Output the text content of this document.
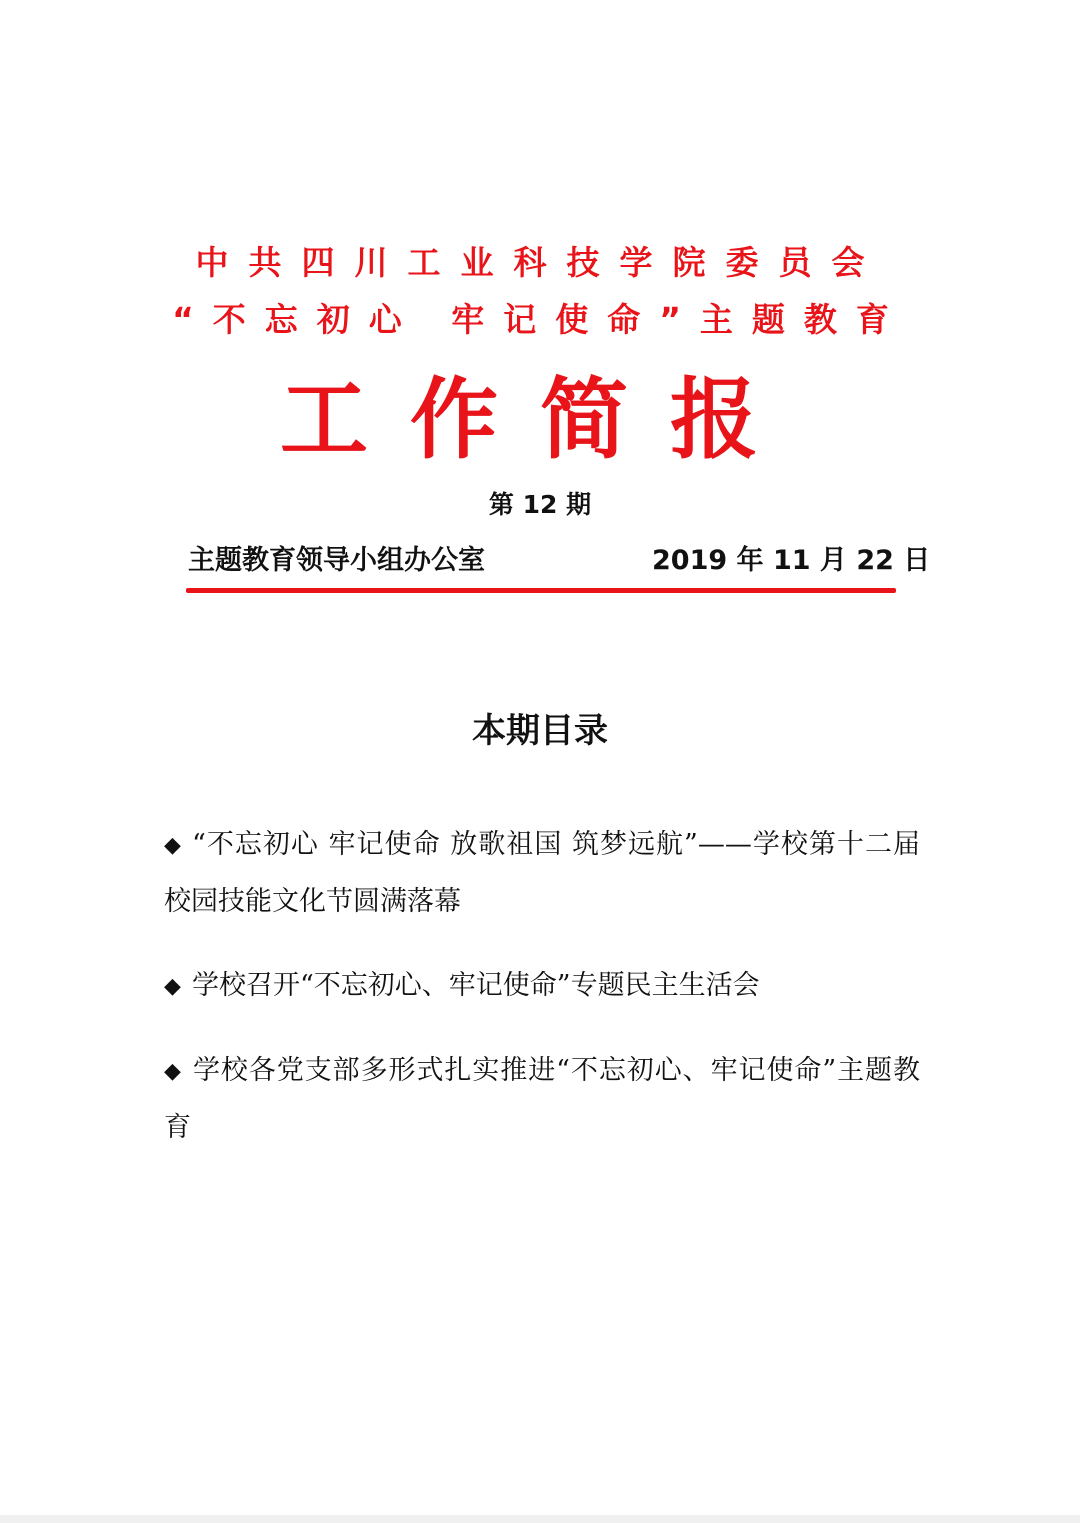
中共四川工业科技学院委员会
“不忘初心 牢记使命”主题教育
工作简报
第 12 期
主题教育领导小组办公室	2019 年 11 月 22 日
本期目录
◆ “不忘初心 牢记使命 放歌祖国 筑梦远航”——学校第十二届校园技能文化节圆满落幕
◆ 学校召开“不忘初心、牢记使命”专题民主生活会
◆ 学校各党支部多形式扎实推进“不忘初心、牢记使命”主题教育
